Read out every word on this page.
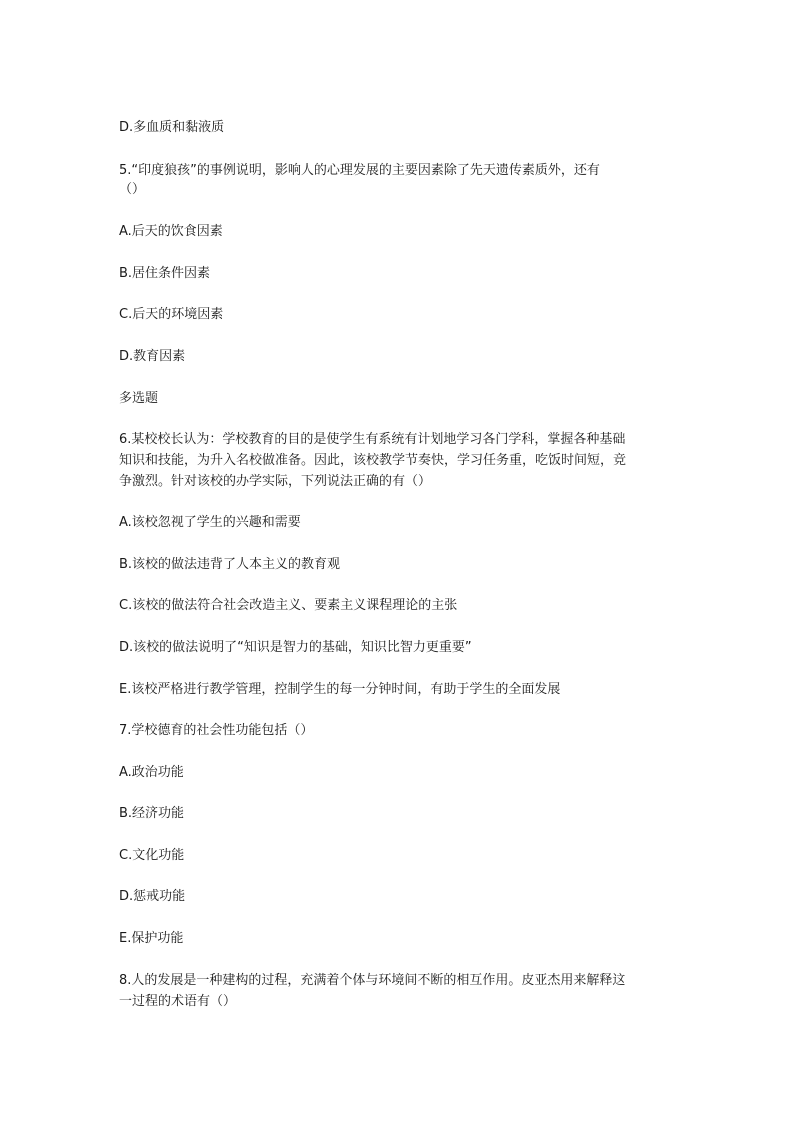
D.多血质和黏液质
5.“印度狼孩”的事例说明，影响人的心理发展的主要因素除了先天遗传素质外，还有
（）
A.后天的饮食因素
B.居住条件因素
C.后天的环境因素
D.教育因素
多选题
6.某校校长认为：学校教育的目的是使学生有系统有计划地学习各门学科，掌握各种基础
知识和技能，为升入名校做准备。因此，该校教学节奏快，学习任务重，吃饭时间短，竞
争激烈。针对该校的办学实际，下列说法正确的有（）
A.该校忽视了学生的兴趣和需要
B.该校的做法违背了人本主义的教育观
C.该校的做法符合社会改造主义、要素主义课程理论的主张
D.该校的做法说明了“知识是智力的基础，知识比智力更重要”
E.该校严格进行教学管理，控制学生的每一分钟时间，有助于学生的全面发展
7.学校德育的社会性功能包括（）
A.政治功能
B.经济功能
C.文化功能
D.惩戒功能
E.保护功能
8.人的发展是一种建构的过程，充满着个体与环境间不断的相互作用。皮亚杰用来解释这
一过程的术语有（）
